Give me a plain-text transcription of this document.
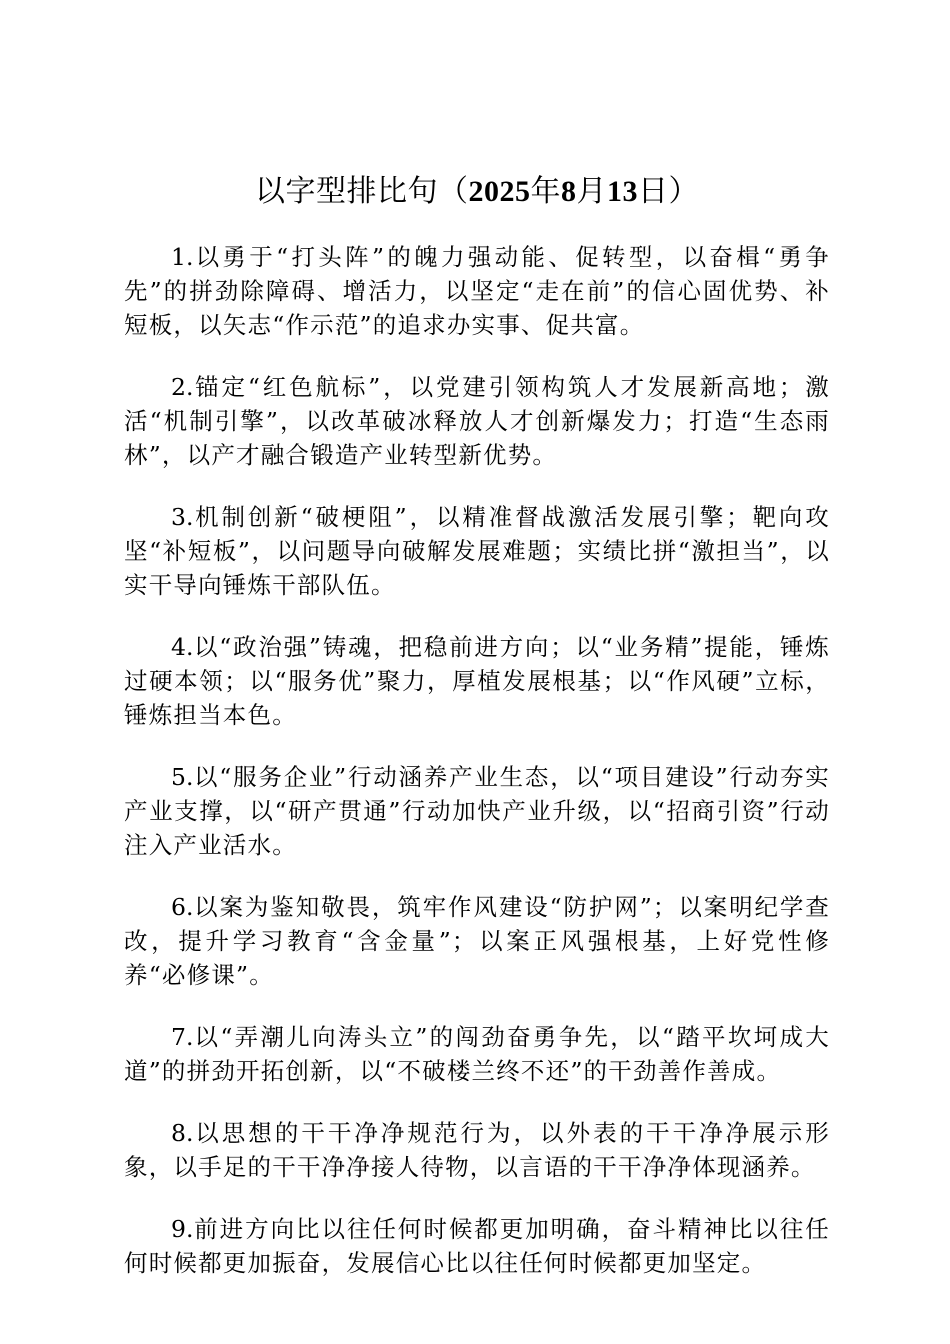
以字型排比句（2025年8月13日）

1.以勇于“打头阵”的魄力强动能、促转型，以奋楫“勇争先”的拼劲除障碍、增活力，以坚定“走在前”的信心固优势、补短板，以矢志“作示范”的追求办实事、促共富。

2.锚定“红色航标”，以党建引领构筑人才发展新高地；激活“机制引擎”，以改革破冰释放人才创新爆发力；打造“生态雨林”，以产才融合锻造产业转型新优势。

3.机制创新“破梗阻”，以精准督战激活发展引擎；靶向攻坚“补短板”，以问题导向破解发展难题；实绩比拼“激担当”，以实干导向锤炼干部队伍。

4.以“政治强”铸魂，把稳前进方向；以“业务精”提能，锤炼过硬本领；以“服务优”聚力，厚植发展根基；以“作风硬”立标，锤炼担当本色。

5.以“服务企业”行动涵养产业生态，以“项目建设”行动夯实产业支撑，以“研产贯通”行动加快产业升级，以“招商引资”行动注入产业活水。

6.以案为鉴知敬畏，筑牢作风建设“防护网”；以案明纪学查改，提升学习教育“含金量”；以案正风强根基，上好党性修养“必修课”。

7.以“弄潮儿向涛头立”的闯劲奋勇争先，以“踏平坎坷成大道”的拼劲开拓创新，以“不破楼兰终不还”的干劲善作善成。

8.以思想的干干净净规范行为，以外表的干干净净展示形象，以手足的干干净净接人待物，以言语的干干净净体现涵养。

9.前进方向比以往任何时候都更加明确，奋斗精神比以往任何时候都更加振奋，发展信心比以往任何时候都更加坚定。
